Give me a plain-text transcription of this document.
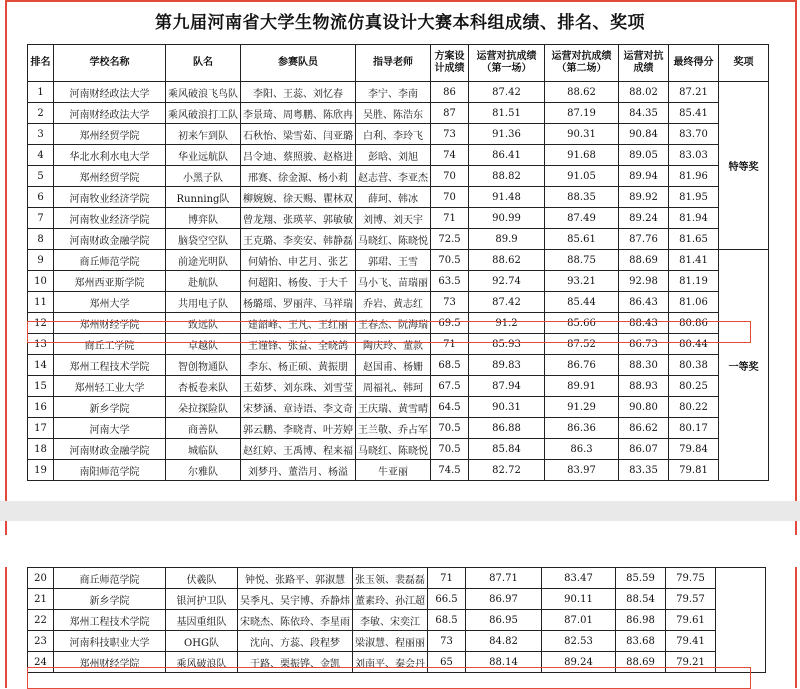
第九届河南省大学生物流仿真设计大赛本科组成绩、排名、奖项
排名	学校名称	队名	参赛队员	指导老师	方案设计成绩	运营对抗成绩（第一场）	运营对抗成绩（第二场）	运营对抗成绩	最终得分	奖项
1	河南财经政法大学	乘风破浪飞鸟队	李阳、王蕊、刘忆春	李宁、李南	86	87.42	88.62	88.02	87.21	特等奖
2	河南财经政法大学	乘风破浪打工队	李景琦、周粤鹏、陈欣冉	吴胜、陈浩东	87	81.51	87.19	84.35	85.41	
3	郑州经贸学院	初来乍到队	石秋怡、梁雪茹、闫亚璐	白利、李玲飞	73	91.36	90.31	90.84	83.70	
4	华北水利水电大学	华业远航队	吕令迪、蔡照骏、赵格进	彭晗、刘旭	74	86.41	91.68	89.05	83.03	
5	郑州经贸学院	小黑子队	邢赛、徐金源、杨小莉	赵志营、李亚杰	70	88.82	91.05	89.94	81.96	
6	河南牧业经济学院	Running队	柳婉婉、徐天赐、瞿林双	薛珂、韩冰	70	91.48	88.35	89.92	81.95	
7	河南牧业经济学院	博弈队	曾龙翔、张瑛苹、郭敏敏	刘博、刘天宇	71	90.99	87.49	89.24	81.94	
8	河南财政金融学院	脑袋空空队	王克璐、李奕安、韩静磊	马晓红、陈晓悦	72.5	89.9	85.61	87.76	81.65	
9	商丘师范学院	前途光明队	何婧怡、申艺月、张艺	郭珺、王雪	70.5	88.62	88.75	88.69	81.41	一等奖
10	郑州西亚斯学院	赴航队	何超阳、杨俊、于大千	马小飞、苗瑞丽	63.5	92.74	93.21	92.98	81.19	
11	郑州大学	共用电子队	杨璐瑶、罗丽萍、马祥瑞	乔岩、黄志红	73	87.42	85.44	86.43	81.06	
12	郑州财经学院	致远队	建韶峰、王凡、王红丽	王春杰、阮海瑞	69.5	91.2	85.66	88.43	80.86	
13	商丘工学院	卓越队	王谨锋、张益、全晓鸽	陶庆玲、董款	71	85.93	87.52	86.73	80.44	
14	郑州工程技术学院	智创物通队	李东、杨正硕、黄振朋	赵国甫、杨姗	68.5	89.83	86.76	88.30	80.38	
15	郑州轻工业大学	杏板卷来队	王茹梦、刘东珠、刘雪莹	周福礼、韩珂	67.5	87.94	89.91	88.93	80.25	
16	新乡学院	朵拉探险队	宋梦涵、章诗语、李文奇	王庆瑞、黄雪晴	64.5	90.31	91.29	90.80	80.22	
17	河南大学	商善队	郭云鹏、李晓青、叶芳婷	王兰敬、乔占军	70.5	86.88	86.36	86.62	80.17	
18	河南财政金融学院	城临队	赵红婷、王禹博、程来福	马晓红、陈晓悦	70.5	85.84	86.3	86.07	79.84	
19	南阳师范学院	尔雅队	刘梦丹、董浩月、杨溢	牛亚丽	74.5	82.72	83.97	83.35	79.81	
20	商丘师范学院	伏羲队	钟悦、张路平、郭淑慧	张玉领、裴磊磊	71	87.71	83.47	85.59	79.75	
21	新乡学院	银河护卫队	吴季凡、吴宇博、乔静炜	董素玲、孙江超	66.5	86.97	90.11	88.54	79.57	
22	郑州工程技术学院	基因重组队	宋晓杰、陈依玲、李星雨	李敏、宋奕江	68.5	86.95	87.01	86.98	79.61	
23	河南科技职业大学	OHG队	沈向、方蕊、段程梦	梁淑慧、程丽丽	73	84.82	82.53	83.68	79.41	
24	郑州财经学院	乘风破浪队	于路、栗振铧、金凯	刘南平、秦会丹	65	88.14	89.24	88.69	79.21	
